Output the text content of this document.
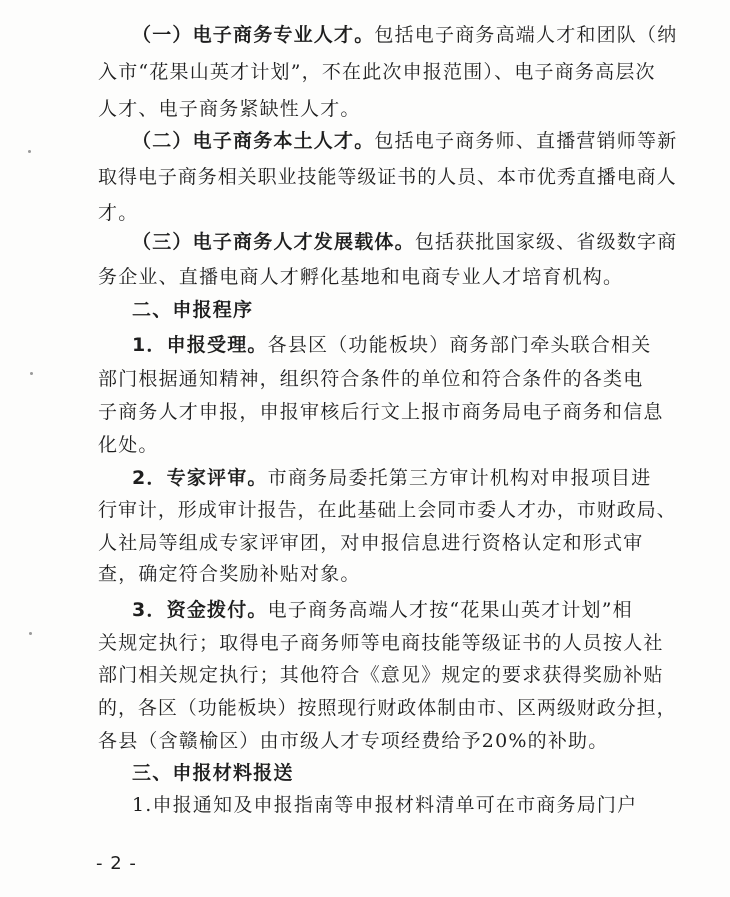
（一）电子商务专业人才。包括电子商务高端人才和团队（纳
入市“花果山英才计划”，不在此次申报范围）、电子商务高层次
人才、电子商务紧缺性人才。
（二）电子商务本土人才。包括电子商务师、直播营销师等新
取得电子商务相关职业技能等级证书的人员、本市优秀直播电商人
才。
（三）电子商务人才发展载体。包括获批国家级、省级数字商
务企业、直播电商人才孵化基地和电商专业人才培育机构。
二、申报程序
1．申报受理。各县区（功能板块）商务部门牵头联合相关
部门根据通知精神，组织符合条件的单位和符合条件的各类电
子商务人才申报，申报审核后行文上报市商务局电子商务和信息
化处。
2．专家评审。市商务局委托第三方审计机构对申报项目进
行审计，形成审计报告，在此基础上会同市委人才办，市财政局、
人社局等组成专家评审团，对申报信息进行资格认定和形式审
查，确定符合奖励补贴对象。
3．资金拨付。电子商务高端人才按“花果山英才计划”相
关规定执行；取得电子商务师等电商技能等级证书的人员按人社
部门相关规定执行；其他符合《意见》规定的要求获得奖励补贴
的，各区（功能板块）按照现行财政体制由市、区两级财政分担，
各县（含赣榆区）由市级人才专项经费给予20%的补助。
三、申报材料报送
1.申报通知及申报指南等申报材料清单可在市商务局门户
- 2 -
